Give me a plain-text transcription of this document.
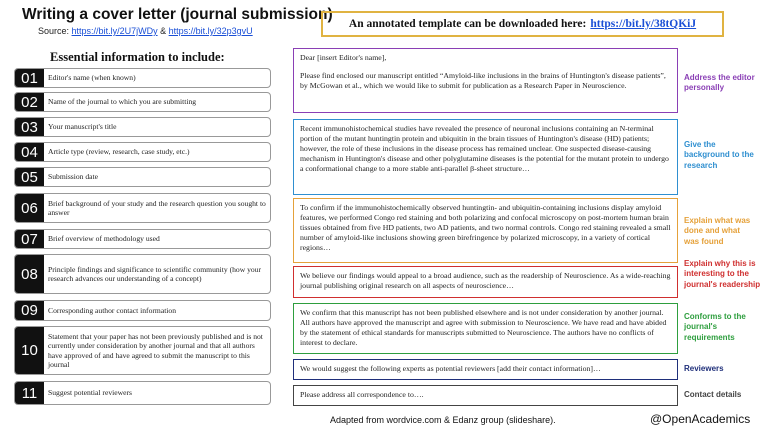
Writing a cover letter (journal submission)
Source: https://bit.ly/2U7jWDy & https://bit.ly/32p3gvU
An annotated template can be downloaded here: https://bit.ly/38tQKiJ
Essential information to include:
01	Editor's name (when known)
02	Name of the journal to which you are submitting
03	Your manuscript's title
04	Article type (review, research, case study, etc.)
05	Submission date
06	Brief background of your study and the research question you sought to answer
07	Brief overview of methodology used
08	Principle findings and significance to scientific community (how your research advances our understanding of a concept)
09	Corresponding author contact information
10
Statement that your paper has not been previously published and is not currently under consideration by another journal and that all authors have approved of and have agreed to submit the manuscript to this journal
11	Suggest potential reviewers

Dear [insert Editor's name],

Please find enclosed our manuscript entitled “Amyloid-like inclusions in the brains of Huntington's disease patients”, by McGowan et al., which we would like to submit for publication as a Research Paper in Neuroscience.

Recent immunohistochemical studies have revealed the presence of neuronal inclusions containing an N-terminal portion of the mutant huntingtin protein and ubiquitin in the brain tissues of Huntington's disease (HD) patients; however, the role of these inclusions in the disease process has remained unclear. One suspected disease-causing mechanism in Huntington's disease and other polyglutamine diseases is the potential for the mutant protein to undergo a conformational change to a more stable anti-parallel β-sheet structure…

To confirm if the immunohistochemically observed huntingtin- and ubiquitin-containing inclusions display amyloid features, we performed Congo red staining and both polarizing and confocal microscopy on post-mortem human brain tissues obtained from five HD patients, two AD patients, and two normal controls. Congo red staining revealed a small number of amyloid-like inclusions showing green birefringence by polarized microscopy, in a variety of cortical regions…

We believe our findings would appeal to a broad audience, such as the readership of Neuroscience. As a wide-reaching journal publishing original research on all aspects of neuroscience…

We confirm that this manuscript has not been published elsewhere and is not under consideration by another journal. All authors have approved the manuscript and agree with submission to Neuroscience. We have read and have abided by the statement of ethical standards for manuscripts submitted to Neuroscience. The authors have no conflicts of interest to declare.

We would suggest the following experts as potential reviewers [add their contact information]…

Please address all correspondence to….

Address the editor personally
Give the background to the research
Explain what was done and what was found
Explain why this is interesting to the journal's readership
Conforms to the journal's requirements
Reviewers
Contact details
Adapted from wordvice.com & Edanz group (slideshare).	@OpenAcademics
